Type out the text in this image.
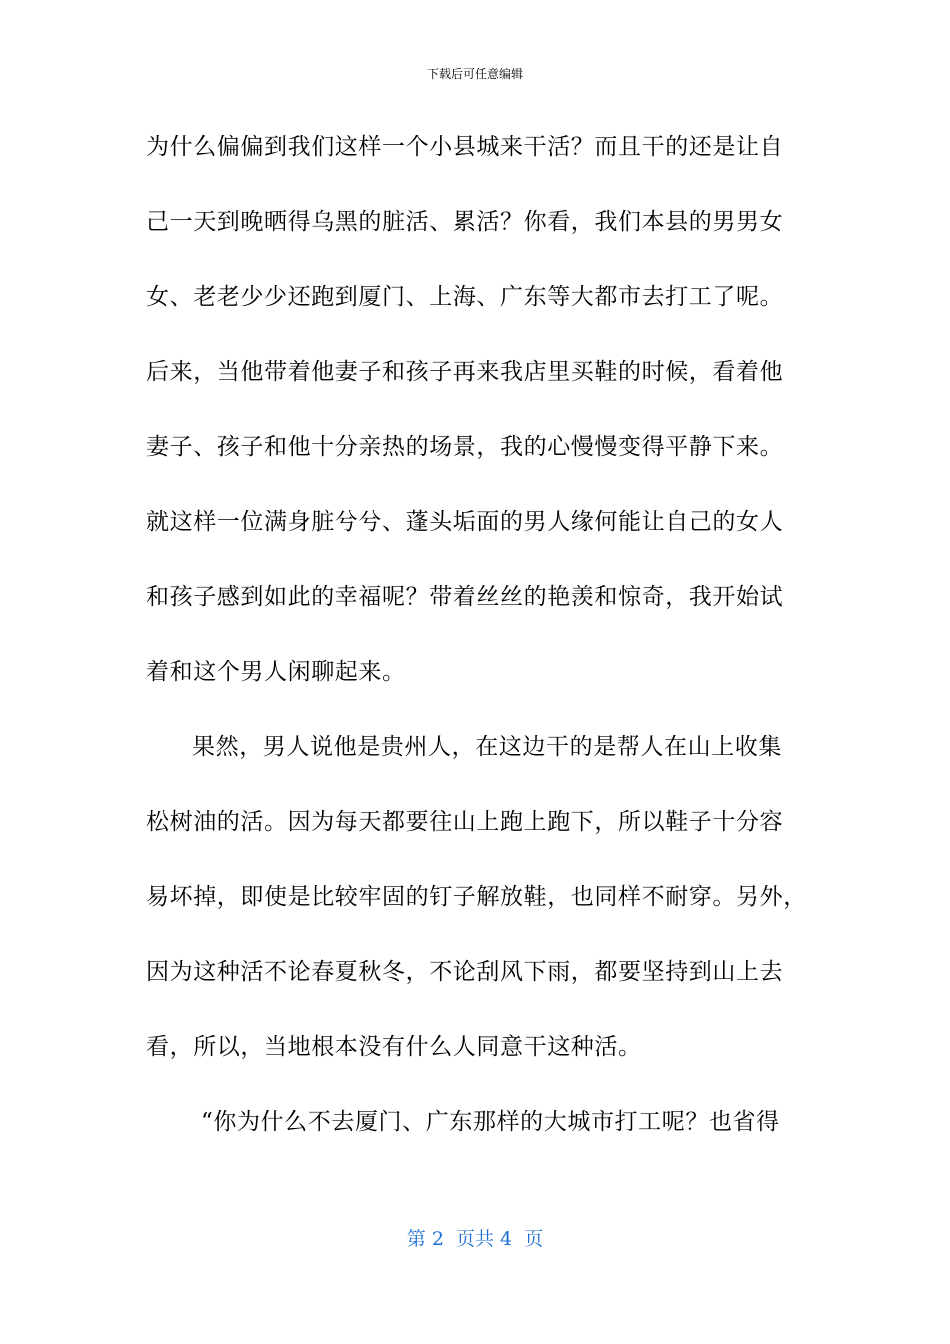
下载后可任意编辑
为什么偏偏到我们这样一个小县城来干活？而且干的还是让自
己一天到晚晒得乌黑的脏活、累活？你看，我们本县的男男女
女、老老少少还跑到厦门、上海、广东等大都市去打工了呢。
后来，当他带着他妻子和孩子再来我店里买鞋的时候，看着他
妻子、孩子和他十分亲热的场景，我的心慢慢变得平静下来。
就这样一位满身脏兮兮、蓬头垢面的男人缘何能让自己的女人
和孩子感到如此的幸福呢？带着丝丝的艳羡和惊奇，我开始试
着和这个男人闲聊起来。
果然，男人说他是贵州人，在这边干的是帮人在山上收集
松树油的活。因为每天都要往山上跑上跑下，所以鞋子十分容
易坏掉，即使是比较牢固的钉子解放鞋，也同样不耐穿。另外，
因为这种活不论春夏秋冬，不论刮风下雨，都要坚持到山上去
看，所以，当地根本没有什么人同意干这种活。
“你为什么不去厦门、广东那样的大城市打工呢？也省得
第 2  页共 4  页
